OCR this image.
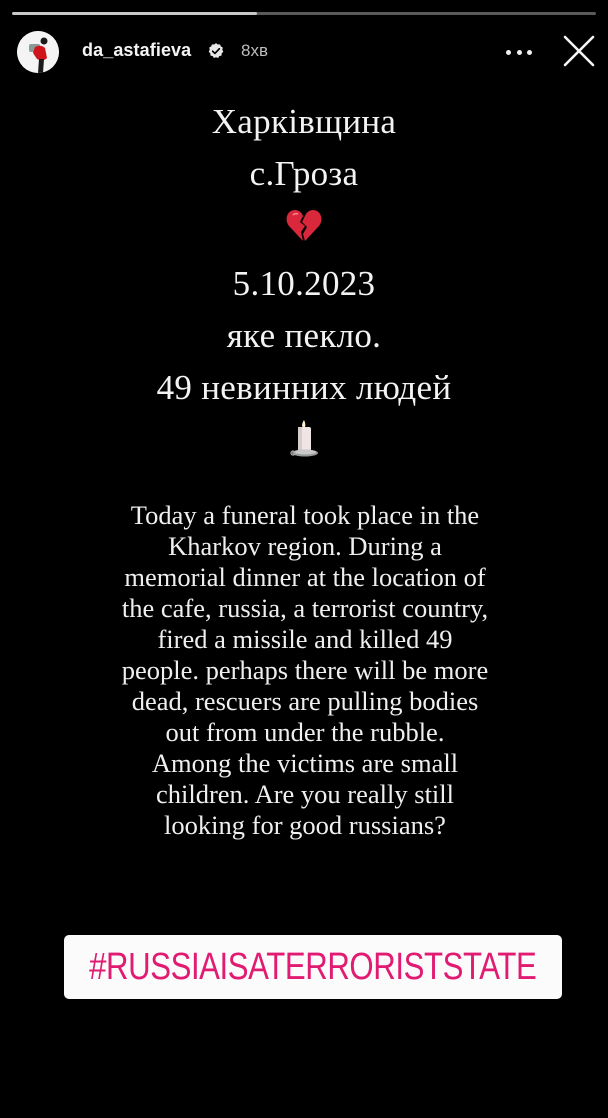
da_astafieva	8хв
Харківщина
с.Гроза
5.10.2023
яке пекло.
49 невинних людей
Today a funeral took place in the
Kharkov region. During a
memorial dinner at the location of
the cafe, russia, a terrorist country,
fired a missile and killed 49
people. perhaps there will be more
dead, rescuers are pulling bodies
out from under the rubble.
Among the victims are small
children. Are you really still
looking for good russians?
#RUSSIAISATERRORISTSTATE
